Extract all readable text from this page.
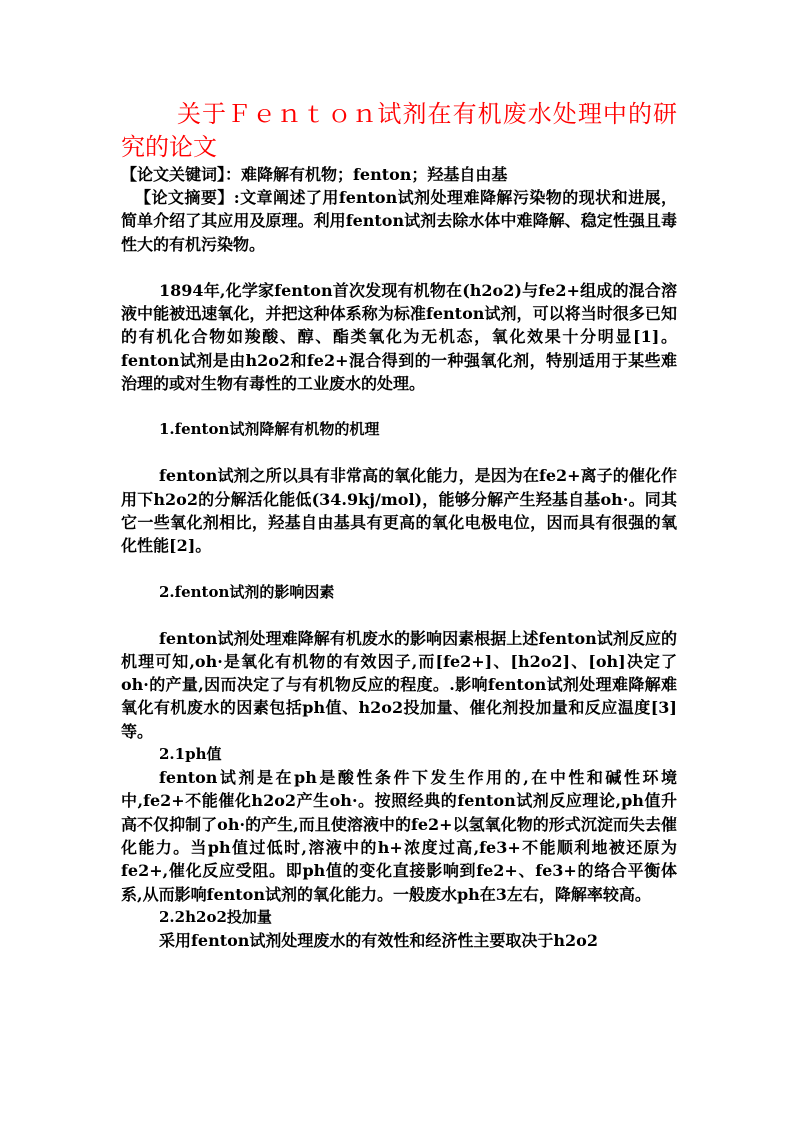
关于Ｆｅｎｔｏｎ试剂在有机废水处理中的研究的论文

【论文关键词】：难降解有机物；fenton；羟基自由基

【论文摘要】:文章阐述了用fenton试剂处理难降解污染物的现状和进展，简单介绍了其应用及原理。利用fenton试剂去除水体中难降解、稳定性强且毒性大的有机污染物。

1894年,化学家fenton首次发现有机物在(h2o2)与fe2+组成的混合溶液中能被迅速氧化，并把这种体系称为标准fenton试剂，可以将当时很多已知的有机化合物如羧酸、醇、酯类氧化为无机态，氧化效果十分明显[1]。fenton试剂是由h2o2和fe2+混合得到的一种强氧化剂，特别适用于某些难治理的或对生物有毒性的工业废水的处理。

1.fenton试剂降解有机物的机理

fenton试剂之所以具有非常高的氧化能力，是因为在fe2+离子的催化作用下h2o2的分解活化能低(34.9kj/mol)，能够分解产生羟基自基oh·。同其它一些氧化剂相比，羟基自由基具有更高的氧化电极电位，因而具有很强的氧化性能[2]。

2.fenton试剂的影响因素

fenton试剂处理难降解有机废水的影响因素根据上述fenton试剂反应的机理可知,oh·是氧化有机物的有效因子,而[fe2+]、[h2o2]、[oh]决定了oh·的产量,因而决定了与有机物反应的程度。.影响fenton试剂处理难降解难氧化有机废水的因素包括ph值、h2o2投加量、催化剂投加量和反应温度[3]等。

2.1ph值

fenton试剂是在ph是酸性条件下发生作用的,在中性和碱性环境中,fe2+不能催化h2o2产生oh·。按照经典的fenton试剂反应理论,ph值升高不仅抑制了oh·的产生,而且使溶液中的fe2+以氢氧化物的形式沉淀而失去催化能力。当ph值过低时,溶液中的h+浓度过高,fe3+不能顺利地被还原为fe2+,催化反应受阻。即ph值的变化直接影响到fe2+、fe3+的络合平衡体系,从而影响fenton试剂的氧化能力。一般废水ph在3左右，降解率较高。

2.2h2o2投加量

采用fenton试剂处理废水的有效性和经济性主要取决于h2o2
